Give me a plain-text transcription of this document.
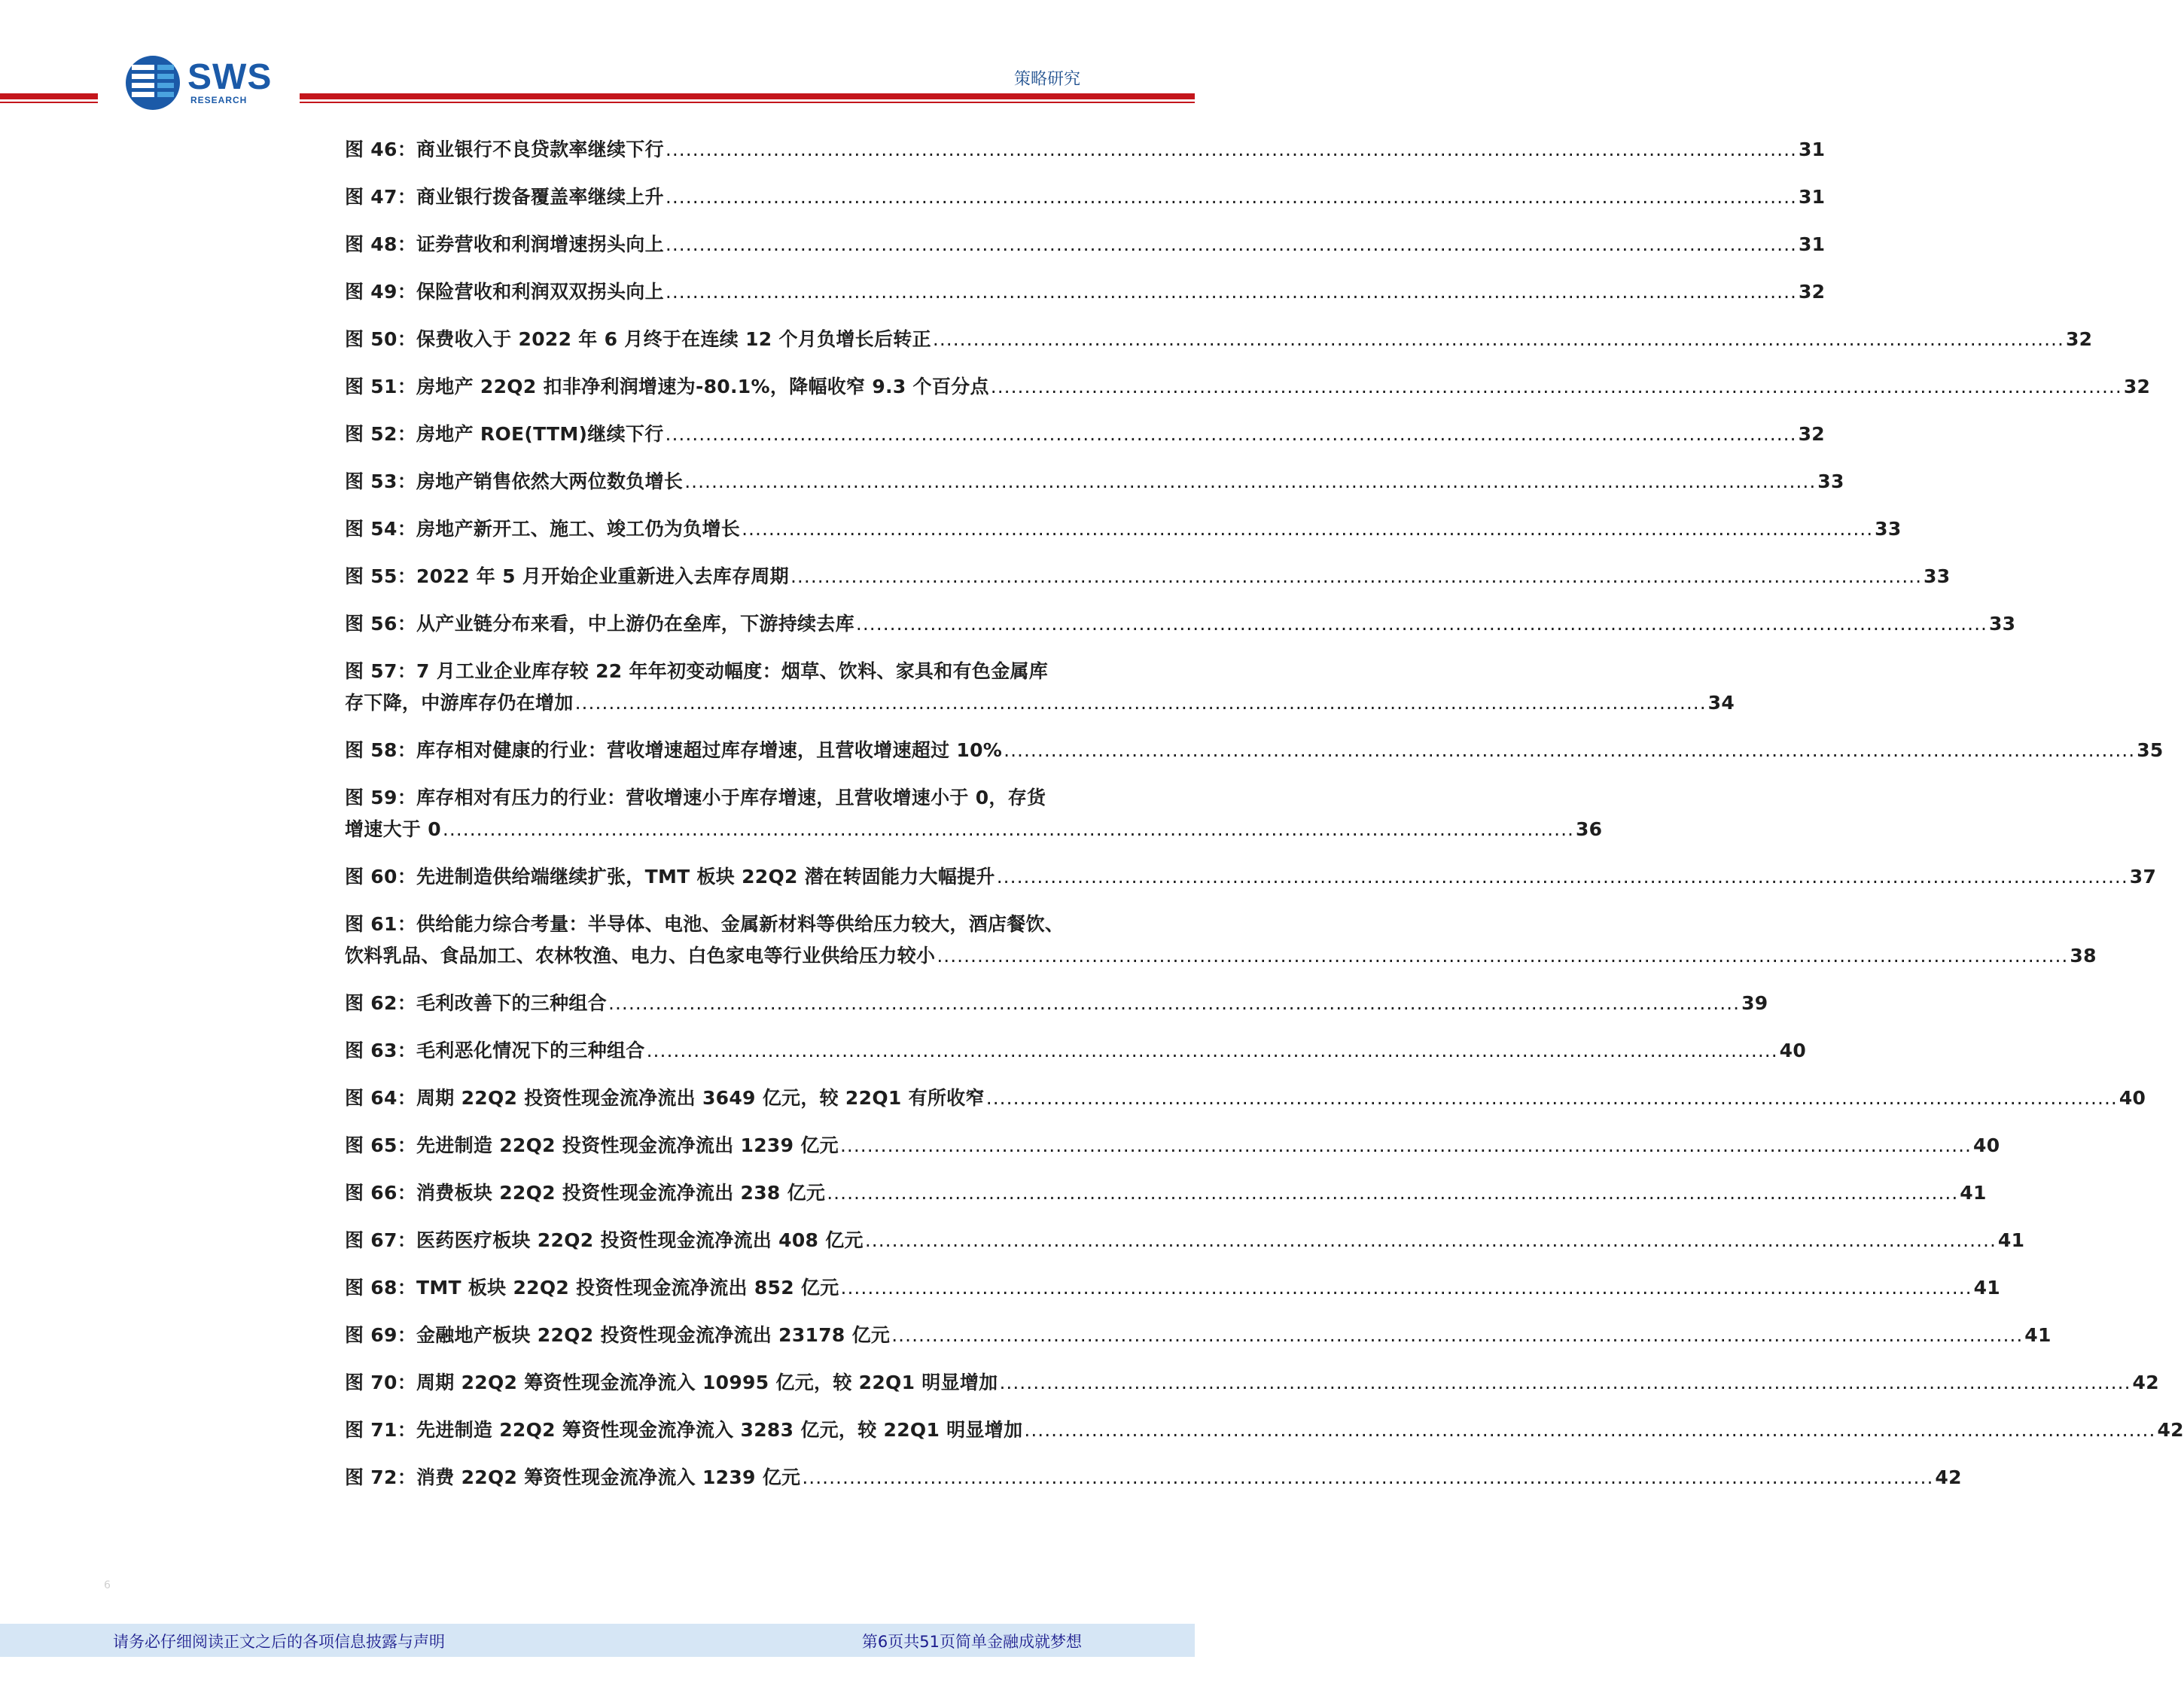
SWS
RESEARCH
策略研究
图 46：商业银行不良贷款率继续下行 ........................................................................................................................................................................ 31
图 47：商业银行拨备覆盖率继续上升 ........................................................................................................................................................................ 31
图 48：证券营收和利润增速拐头向上 ........................................................................................................................................................................ 31
图 49：保险营收和利润双双拐头向上 ........................................................................................................................................................................ 32
图 50：保费收入于 2022 年 6 月终于在连续 12 个月负增长后转正 ........................................................................................................................................................................ 32
图 51：房地产 22Q2 扣非净利润增速为-80.1%，降幅收窄 9.3 个百分点 ........................................................................................................................................................................ 32
图 52：房地产 ROE(TTM)继续下行 ........................................................................................................................................................................ 32
图 53：房地产销售依然大两位数负增长 ........................................................................................................................................................................ 33
图 54：房地产新开工、施工、竣工仍为负增长 ........................................................................................................................................................................ 33
图 55：2022 年 5 月开始企业重新进入去库存周期 ........................................................................................................................................................................ 33
图 56：从产业链分布来看，中上游仍在垒库，下游持续去库 ........................................................................................................................................................................ 33
图 57：7 月工业企业库存较 22 年年初变动幅度：烟草、饮料、家具和有色金属库
存下降，中游库存仍在增加 ........................................................................................................................................................................ 34
图 58：库存相对健康的行业：营收增速超过库存增速，且营收增速超过 10% ........................................................................................................................................................................ 35
图 59：库存相对有压力的行业：营收增速小于库存增速，且营收增速小于 0，存货
增速大于 0 ........................................................................................................................................................................ 36
图 60：先进制造供给端继续扩张，TMT 板块 22Q2 潜在转固能力大幅提升 ........................................................................................................................................................................ 37
图 61：供给能力综合考量：半导体、电池、金属新材料等供给压力较大，酒店餐饮、
饮料乳品、食品加工、农林牧渔、电力、白色家电等行业供给压力较小 ........................................................................................................................................................................ 38
图 62：毛利改善下的三种组合 ........................................................................................................................................................................ 39
图 63：毛利恶化情况下的三种组合 ........................................................................................................................................................................ 40
图 64：周期 22Q2 投资性现金流净流出 3649 亿元，较 22Q1 有所收窄 ........................................................................................................................................................................ 40
图 65：先进制造 22Q2 投资性现金流净流出 1239 亿元 ........................................................................................................................................................................ 40
图 66：消费板块 22Q2 投资性现金流净流出 238 亿元 ........................................................................................................................................................................ 41
图 67：医药医疗板块 22Q2 投资性现金流净流出 408 亿元 ........................................................................................................................................................................ 41
图 68：TMT 板块 22Q2 投资性现金流净流出 852 亿元 ........................................................................................................................................................................ 41
图 69：金融地产板块 22Q2 投资性现金流净流出 23178 亿元 ........................................................................................................................................................................ 41
图 70：周期 22Q2 筹资性现金流净流入 10995 亿元，较 22Q1 明显增加 ........................................................................................................................................................................ 42
图 71：先进制造 22Q2 筹资性现金流净流入 3283 亿元，较 22Q1 明显增加 ........................................................................................................................................................................ 42
图 72：消费 22Q2 筹资性现金流净流入 1239 亿元 ........................................................................................................................................................................ 42
6
请务必仔细阅读正文之后的各项信息披露与声明	第6页共51页简单金融成就梦想
